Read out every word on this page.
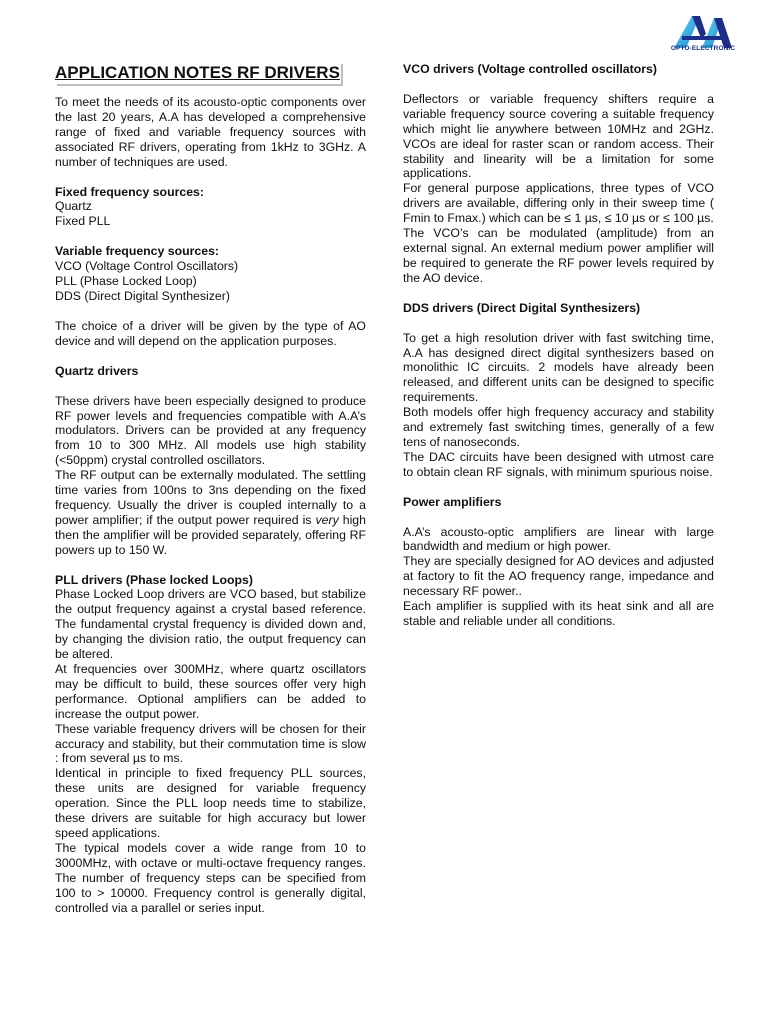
OPTO-ELECTRONIC
APPLICATION NOTES RF DRIVERS

To meet the needs of its acousto-optic components over the last 20 years, A.A has developed a comprehensive range of fixed and variable frequency sources with associated RF drivers, operating from 1kHz to 3GHz. A number of techniques are used.

Fixed frequency sources:
Quartz
Fixed PLL
Variable frequency sources:
VCO (Voltage Control Oscillators)
PLL (Phase Locked Loop)
DDS (Direct Digital Synthesizer)

The choice of a driver will be given by the type of AO device and will depend on the application purposes.

Quartz drivers

These drivers have been especially designed to produce RF power levels and frequencies compatible with A.A’s modulators. Drivers can be provided at any frequency from 10 to 300 MHz. All models use high stability (<50ppm) crystal controlled oscillators.

The RF output can be externally modulated. The settling time varies from 100ns to 3ns depending on the fixed frequency. Usually the driver is coupled internally to a power amplifier; if the output power required is very high then the amplifier will be provided separately, offering RF powers up to 150 W.

PLL drivers (Phase locked Loops)

Phase Locked Loop drivers are VCO based, but stabilize the output frequency against a crystal based reference. The fundamental crystal frequency is divided down and, by changing the division ratio, the output frequency can be altered.

At frequencies over 300MHz, where quartz oscillators may be difficult to build, these sources offer very high performance. Optional amplifiers can be added to increase the output power.

These variable frequency drivers will be chosen for their accuracy and stability, but their commutation time is slow : from several µs to ms.

Identical in principle to fixed frequency PLL sources, these units are designed for variable frequency operation. Since the PLL loop needs time to stabilize, these drivers are suitable for high accuracy but lower speed applications.

The typical models cover a wide range from 10 to 3000MHz, with octave or multi-octave frequency ranges. The number of frequency steps can be specified from 100 to > 10000. Frequency control is generally digital, controlled via a parallel or series input.

VCO drivers (Voltage controlled oscillators)

Deflectors or variable frequency shifters require a variable frequency source covering a suitable frequency which might lie anywhere between 10MHz and 2GHz. VCOs are ideal for raster scan or random access. Their stability and linearity will be a limitation for some applications.

For general purpose applications, three types of VCO drivers are available, differing only in their sweep time ( Fmin to Fmax.) which can be ≤ 1 µs, ≤ 10 µs or ≤ 100 µs.

The VCO’s can be modulated (amplitude) from an external signal. An external medium power amplifier will be required to generate the RF power levels required by the AO device.

DDS drivers (Direct Digital Synthesizers)

To get a high resolution driver with fast switching time, A.A has designed direct digital synthesizers based on monolithic IC circuits. 2 models have already been released, and different units can be designed to specific requirements.

Both models offer high frequency accuracy and stability and extremely fast switching times, generally of a few tens of nanoseconds.

The DAC circuits have been designed with utmost care to obtain clean RF signals, with minimum spurious noise.

Power amplifiers

A.A’s acousto-optic amplifiers are linear with large bandwidth and medium or high power.

They are specially designed for AO devices and adjusted at factory to fit the AO frequency range, impedance and necessary RF power..

Each amplifier is supplied with its heat sink and all are stable and reliable under all conditions.
